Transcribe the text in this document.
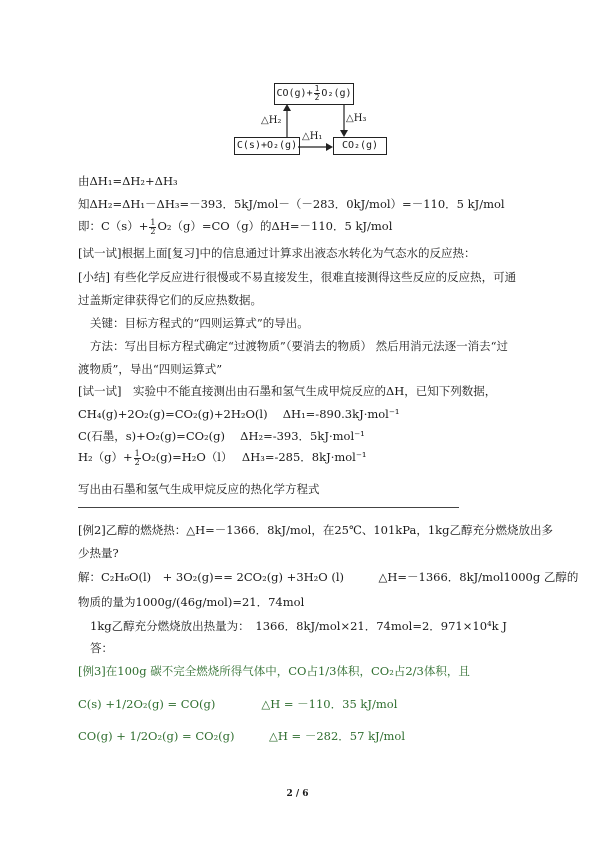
$CO(g)+ \frac{1}{2} O_2(g)$
C(s)+O₂(g)	CO₂(g)
△H₂
△H₁
△H₃
由ΔH₁=ΔH₂+ΔH₃
知ΔH₂=ΔH₁－ΔH₃=－393．5kJ/mol－（－283．0kJ/mol）=－110．5 kJ/mol
即：$C(s)+ \frac{1}{2} O_2(g)=CO(g)$的ΔH=－110．5 kJ/mol
[试一试]根据上面[复习]中的信息通过计算求出液态水转化为气态水的反应热：
[小结] 有些化学反应进行很慢或不易直接发生，很难直接测得这些反应的反应热，可通
过盖斯定律获得它们的反应热数据。
关键：目标方程式的“四则运算式”的导出。
方法：写出目标方程式确定“过渡物质”（要消去的物质） 然后用消元法逐一消去“过
渡物质”，导出“四则运算式”
[试一试]　实验中不能直接测出由石墨和氢气生成甲烷反应的ΔH，已知下列数据，
CH₄(g)+2O₂(g)=CO₂(g)+2H₂O(l)　 ΔH₁=-890.3kJ·mol⁻¹
C(石墨，s)+O₂(g)=CO₂(g)　 ΔH₂=-393．5kJ·mol⁻¹
$H_2(g)+ \frac{1}{2} O_2(g)=H_2O(l)$　 ΔH₃=-285．8kJ·mol⁻¹
写出由石墨和氢气生成甲烷反应的热化学方程式
[例2]乙醇的燃烧热：△H=－1366．8kJ/mol，在25℃、101kPa，1kg乙醇充分燃烧放出多
少热量?
解：C₂H₆O(l)　+ 3O₂(g)== 2CO₂(g) +3H₂O (l)　　　△H=－1366．8kJ/mol1000g 乙醇的
物质的量为1000g/(46g/mol)=21．74mol
1kg乙醇充分燃烧放出热量为：　1366．8kJ/mol×21．74mol=2．971×10⁴k J
答：
[例3]在100g 碳不完全燃烧所得气体中，CO占1/3体积，CO₂占2/3体积，且
C(s) +1/2O₂(g) = CO(g)　　　　△H = －110．35 kJ/mol
CO(g) + 1/2O₂(g) = CO₂(g)　　　△H = －282．57 kJ/mol
2 / 6
